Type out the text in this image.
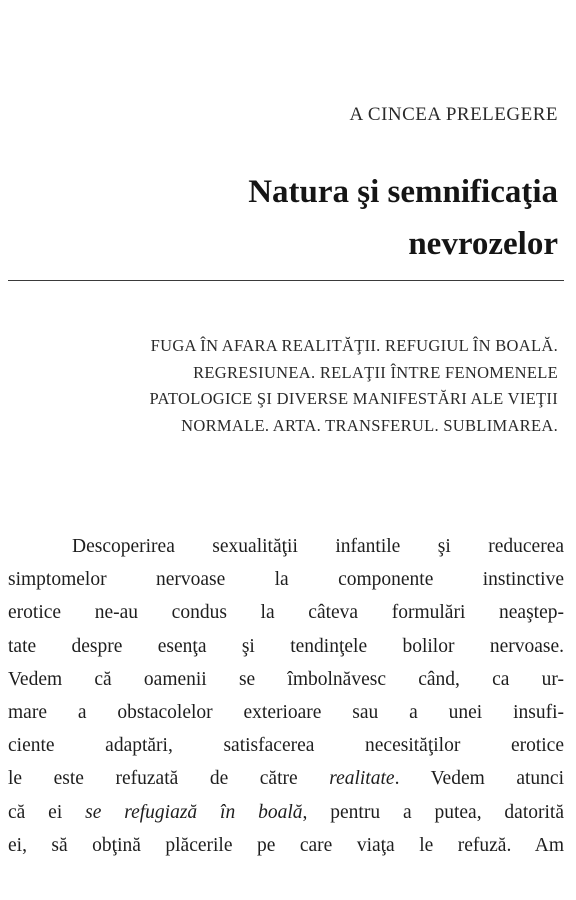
A CINCEA PRELEGERE
Natura şi semnificaţia
nevrozelor
FUGA ÎN AFARA REALITĂŢII. REFUGIUL ÎN BOALĂ.
REGRESIUNEA. RELAŢII ÎNTRE FENOMENELE
PATOLOGICE ŞI DIVERSE MANIFESTĂRI ALE VIEŢII
NORMALE. ARTA. TRANSFERUL. SUBLIMAREA.
Descoperirea sexualităţii infantile şi reducerea
simptomelor nervoase la componente instinctive
erotice ne-au condus la câteva formulări neaştep-
tate despre esenţa şi tendinţele bolilor nervoase.
Vedem că oamenii se îmbolnăvesc când, ca ur-
mare a obstacolelor exterioare sau a unei insufi-
ciente adaptări, satisfacerea necesităţilor erotice
le este refuzată de către realitate. Vedem atunci
că ei se refugiază în boală, pentru a putea, datorită
ei, să obţină plăcerile pe care viaţa le refuză. Am
